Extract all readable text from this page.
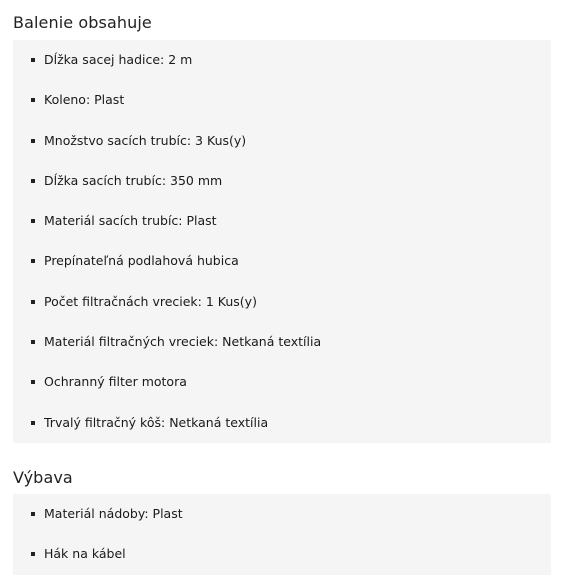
Balenie obsahuje
Dĺžka sacej hadice: 2 m
Koleno: Plast
Množstvo sacích trubíc: 3 Kus(y)
Dĺžka sacích trubíc: 350 mm
Materiál sacích trubíc: Plast
Prepínateľná podlahová hubica
Počet filtračnách vreciek: 1 Kus(y)
Materiál filtračných vreciek: Netkaná textília
Ochranný filter motora
Trvalý filtračný kôš: Netkaná textília
Výbava
Materiál nádoby: Plast
Hák na kábel
